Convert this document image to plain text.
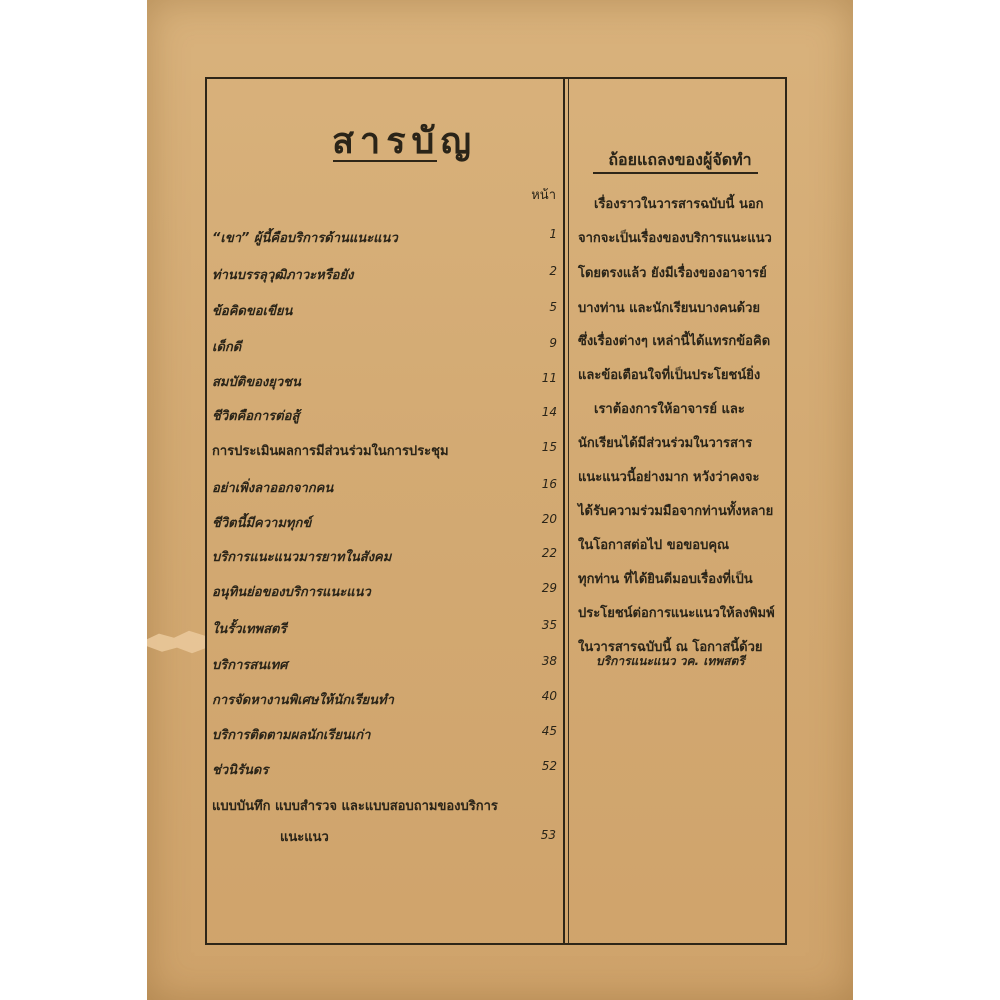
สารบัญ
หน้า
“เขา” ผู้นี้คือบริการด้านแนะแนว	1
ท่านบรรลุวุฒิภาวะหรือยัง	2
ข้อคิดขอเขียน	5
เด็กดี	9
สมบัติของยุวชน	11
ชีวิตคือการต่อสู้	14
การประเมินผลการมีส่วนร่วมในการประชุม	15
อย่าเพิ่งลาออกจากคน	16
ชีวิตนี้มีความทุกข์	20
บริการแนะแนวมารยาทในสังคม	22
อนุทินย่อของบริการแนะแนว	29
ในรั้วเทพสตรี	35
บริการสนเทศ	38
การจัดหางานพิเศษให้นักเรียนทำ	40
บริการติดตามผลนักเรียนเก่า	45
ช่วนิรันดร	52
แบบบันทึก แบบสำรวจ และแบบสอบถามของบริการ
แนะแนว	53
ถ้อยแถลงของผู้จัดทำ
เรื่องราวในวารสารฉบับนี้ นอก
จากจะเป็นเรื่องของบริการแนะแนว
โดยตรงแล้ว ยังมีเรื่องของอาจารย์
บางท่าน และนักเรียนบางคนด้วย
ซึ่งเรื่องต่างๆ เหล่านี้ได้แทรกข้อคิด
และข้อเตือนใจที่เป็นประโยชน์ยิ่ง
เราต้องการให้อาจารย์ และ
นักเรียนได้มีส่วนร่วมในวารสาร
แนะแนวนี้อย่างมาก หวังว่าคงจะ
ได้รับความร่วมมือจากท่านทั้งหลาย
ในโอกาสต่อไป ขอขอบคุณ
ทุกท่าน ที่ได้ยินดีมอบเรื่องที่เป็น
ประโยชน์ต่อการแนะแนวให้ลงพิมพ์
ในวารสารฉบับนี้ ณ โอกาสนี้ด้วย
บริการแนะแนว วค. เทพสตรี
